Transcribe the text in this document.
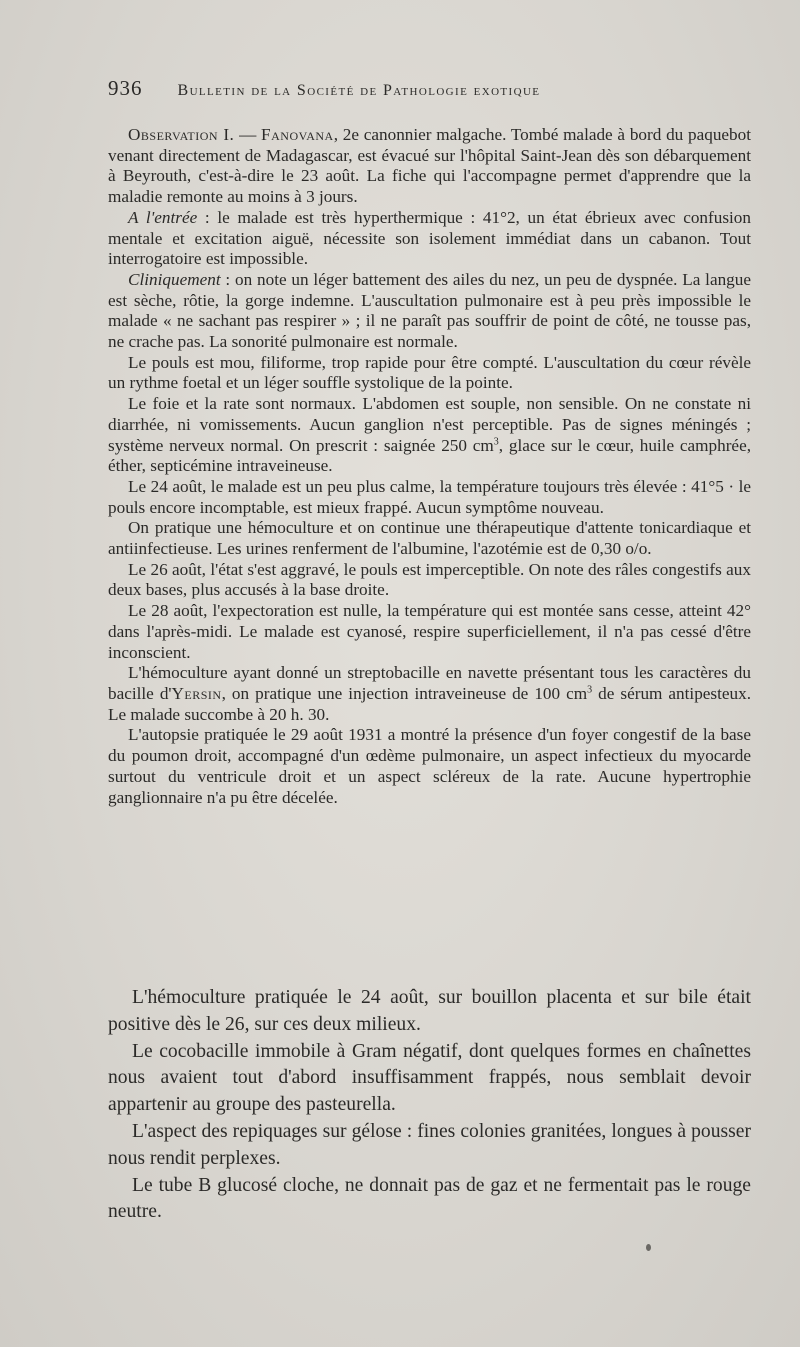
936 Bulletin de la Société de Pathologie exotique

Observation I. — Fanovana, 2e canonnier malgache. Tombé malade à bord du paquebot venant directement de Madagascar, est évacué sur l'hôpital Saint-Jean dès son débarquement à Beyrouth, c'est-à-dire le 23 août. La fiche qui l'accompagne permet d'apprendre que la maladie remonte au moins à 3 jours.

A l'entrée : le malade est très hyperthermique : 41°2, un état ébrieux avec confusion mentale et excitation aiguë, nécessite son isolement immédiat dans un cabanon. Tout interrogatoire est impossible.

Cliniquement : on note un léger battement des ailes du nez, un peu de dyspnée. La langue est sèche, rôtie, la gorge indemne. L'auscultation pulmonaire est à peu près impossible le malade « ne sachant pas respirer » ; il ne paraît pas souffrir de point de côté, ne tousse pas, ne crache pas. La sonorité pulmonaire est normale.

Le pouls est mou, filiforme, trop rapide pour être compté. L'auscultation du cœur révèle un rythme foetal et un léger souffle systolique de la pointe.

Le foie et la rate sont normaux. L'abdomen est souple, non sensible. On ne constate ni diarrhée, ni vomissements. Aucun ganglion n'est perceptible. Pas de signes méningés ; système nerveux normal. On prescrit : saignée 250 $cm^3$, glace sur le cœur, huile camphrée, éther, septicémine intraveineuse.

Le 24 août, le malade est un peu plus calme, la température toujours très élevée : 41°5 · le pouls encore incomptable, est mieux frappé. Aucun symptôme nouveau.

On pratique une hémoculture et on continue une thérapeutique d'attente tonicardiaque et antiinfectieuse. Les urines renferment de l'albumine, l'azotémie est de 0,30 o/o.

Le 26 août, l'état s'est aggravé, le pouls est imperceptible. On note des râles congestifs aux deux bases, plus accusés à la base droite.

Le 28 août, l'expectoration est nulle, la température qui est montée sans cesse, atteint 42° dans l'après-midi. Le malade est cyanosé, respire superficiellement, il n'a pas cessé d'être inconscient.

L'hémoculture ayant donné un streptobacille en navette présentant tous les caractères du bacille d'Yersin, on pratique une injection intraveineuse de 100 $cm^3$ de sérum antipesteux. Le malade succombe à 20 h. 30.

L'autopsie pratiquée le 29 août 1931 a montré la présence d'un foyer congestif de la base du poumon droit, accompagné d'un œdème pulmonaire, un aspect infectieux du myocarde surtout du ventricule droit et un aspect scléreux de la rate. Aucune hypertrophie ganglionnaire n'a pu être décelée.

L'hémoculture pratiquée le 24 août, sur bouillon placenta et sur bile était positive dès le 26, sur ces deux milieux.

Le cocobacille immobile à Gram négatif, dont quelques formes en chaînettes nous avaient tout d'abord insuffisamment frappés, nous semblait devoir appartenir au groupe des pasteurella.

L'aspect des repiquages sur gélose : fines colonies granitées, longues à pousser nous rendit perplexes.

Le tube B glucosé cloche, ne donnait pas de gaz et ne fermentait pas le rouge neutre.
